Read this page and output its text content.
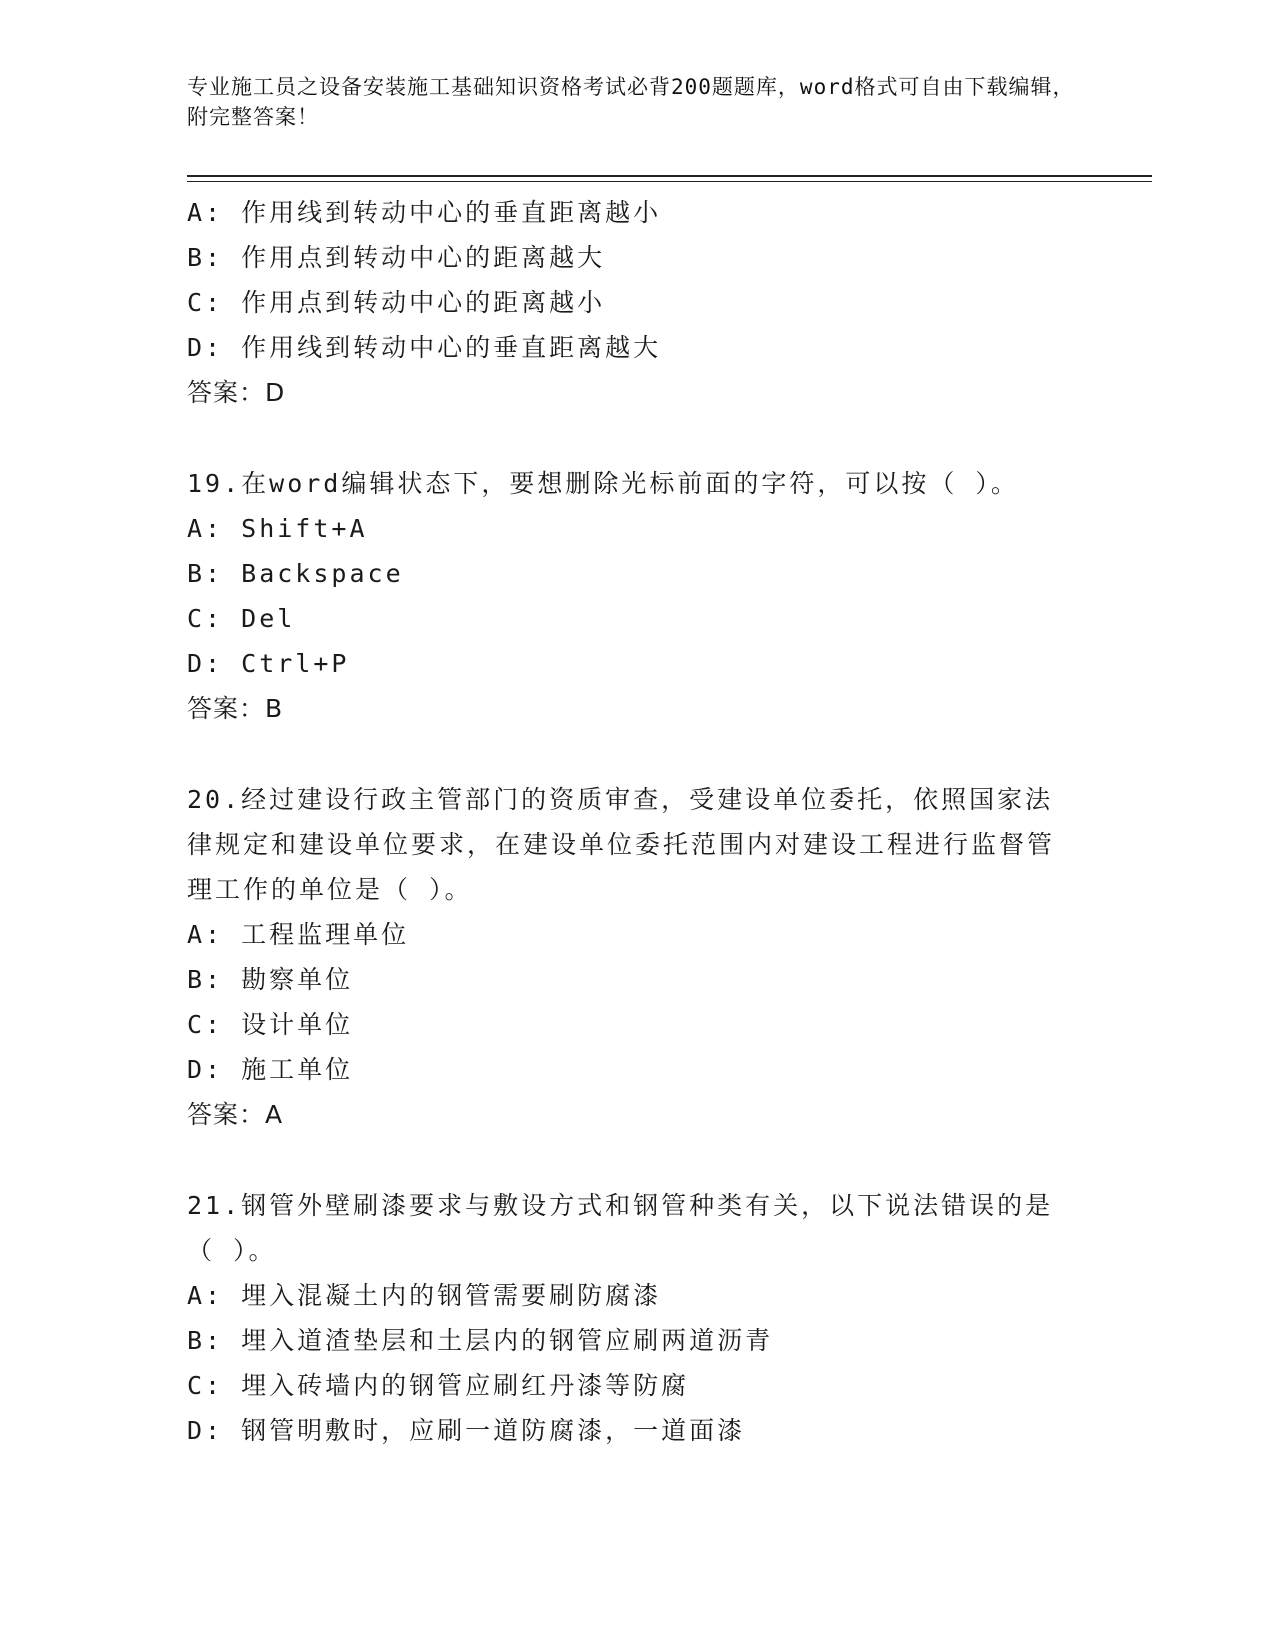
专业施工员之设备安装施工基础知识资格考试必背200题题库，word格式可自由下载编辑，附完整答案！
A: 作用线到转动中心的垂直距离越小
B: 作用点到转动中心的距离越大
C: 作用点到转动中心的距离越小
D: 作用线到转动中心的垂直距离越大
答案：D
19.在word编辑状态下，要想删除光标前面的字符，可以按（ ）。
A: Shift+A
B: Backspace
C: Del
D: Ctrl+P
答案：B
20.经过建设行政主管部门的资质审查，受建设单位委托，依照国家法律规定和建设单位要求，在建设单位委托范围内对建设工程进行监督管理工作的单位是（ ）。
A: 工程监理单位
B: 勘察单位
C: 设计单位
D: 施工单位
答案：A
21.钢管外壁刷漆要求与敷设方式和钢管种类有关，以下说法错误的是（ ）。
A: 埋入混凝土内的钢管需要刷防腐漆
B: 埋入道渣垫层和土层内的钢管应刷两道沥青
C: 埋入砖墙内的钢管应刷红丹漆等防腐
D: 钢管明敷时，应刷一道防腐漆，一道面漆
